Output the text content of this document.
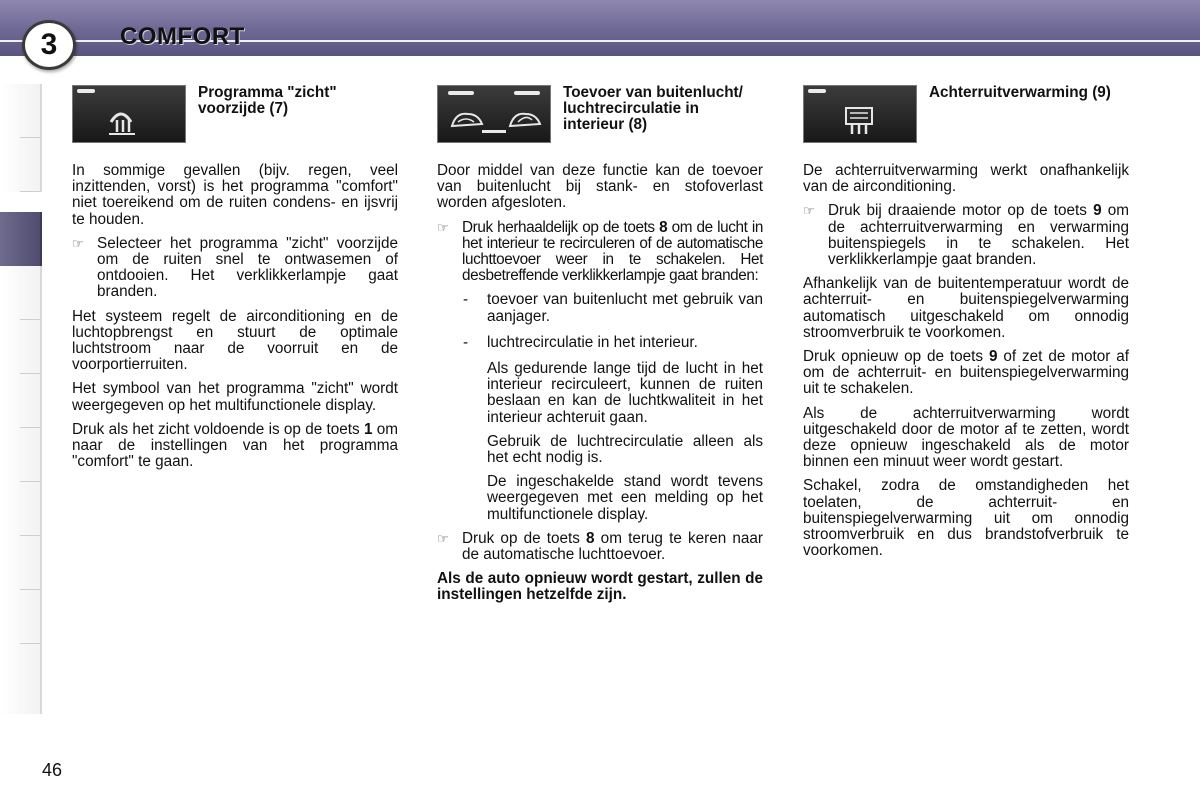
3	COMFORT
Programma "zicht" voorzijde (7)

In sommige gevallen (bijv. regen, veel inzittenden, vorst) is het programma "comfort" niet toereikend om de ruiten condens- en ijsvrij te houden.

☞ Selecteer het programma "zicht" voorzijde om de ruiten snel te ontwasemen of ontdooien. Het verklikkerlampje gaat branden.

Het systeem regelt de airconditioning en de luchtopbrengst en stuurt de optimale luchtstroom naar de voorruit en de voorportierruiten.

Het symbool van het programma "zicht" wordt weergegeven op het multifunctionele display.

Druk als het zicht voldoende is op de toets 1 om naar de instellingen van het programma "comfort" te gaan.

Toevoer van buitenlucht/ luchtrecirculatie in interieur (8)

Door middel van deze functie kan de toevoer van buitenlucht bij stank- en stofoverlast worden afgesloten.

☞ Druk herhaaldelijk op de toets 8 om de lucht in het interieur te recirculeren of de automatische luchttoevoer weer in te schakelen. Het desbetreffende verklikkerlampje gaat branden:
-	toevoer van buitenlucht met gebruik van aanjager.
-	luchtrecirculatie in het interieur.

Als gedurende lange tijd de lucht in het interieur recirculeert, kunnen de ruiten beslaan en kan de luchtkwaliteit in het interieur achteruit gaan.

Gebruik de luchtrecirculatie alleen als het echt nodig is.

De ingeschakelde stand wordt tevens weergegeven met een melding op het multifunctionele display.

☞ Druk op de toets 8 om terug te keren naar de automatische luchttoevoer.

Als de auto opnieuw wordt gestart, zullen de instellingen hetzelfde zijn.

Achterruitverwarming (9)

De achterruitverwarming werkt onafhankelijk van de airconditioning.

☞ Druk bij draaiende motor op de toets 9 om de achterruitverwarming en verwarming buitenspiegels in te schakelen. Het verklikkerlampje gaat branden.

Afhankelijk van de buitentemperatuur wordt de achterruit- en buitenspiegelverwarming automatisch uitgeschakeld om onnodig stroomverbruik te voorkomen.

Druk opnieuw op de toets 9 of zet de motor af om de achterruit- en buitenspiegelverwarming uit te schakelen.

Als de achterruitverwarming wordt uitgeschakeld door de motor af te zetten, wordt deze opnieuw ingeschakeld als de motor binnen een minuut weer wordt gestart.

Schakel, zodra de omstandigheden het toelaten, de achterruit- en buitenspiegelverwarming uit om onnodig stroomverbruik en dus brandstofverbruik te voorkomen.

46
